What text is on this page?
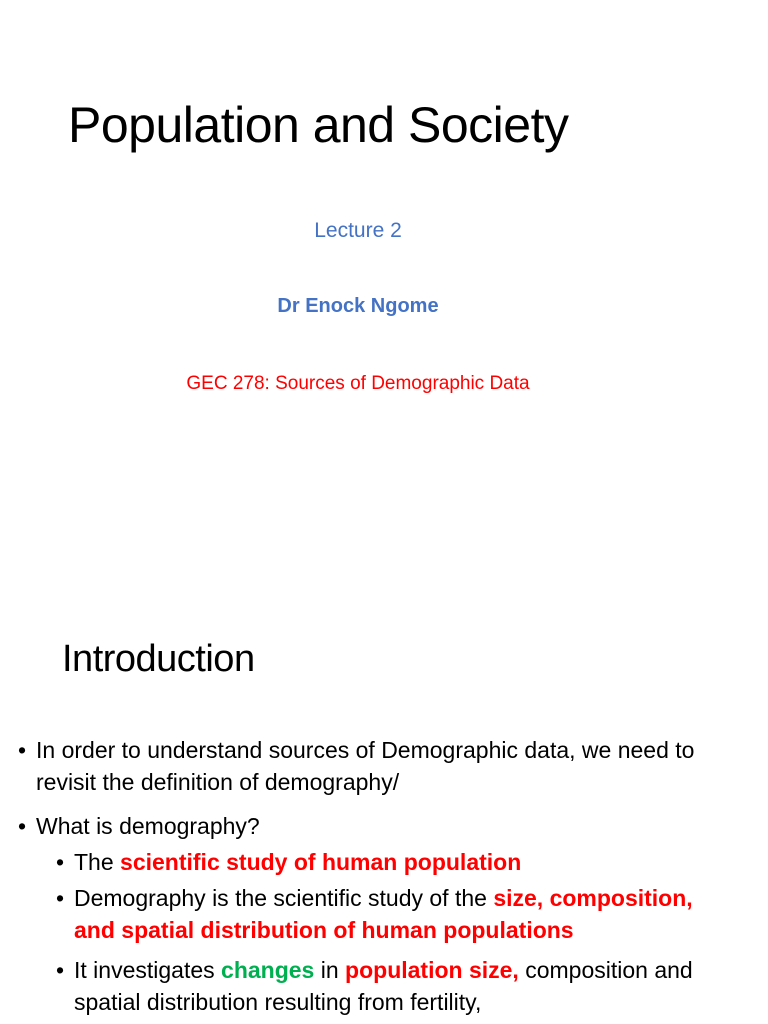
Population and Society
Lecture 2
Dr Enock Ngome
GEC 278: Sources of Demographic Data
Introduction
• In order to understand sources of Demographic data, we need to revisit the definition of demography/
• What is demography?
• The scientific study of human population
• Demography is the scientific study of the size, composition, and spatial distribution of human populations
• It investigates changes in population size, composition and spatial distribution resulting from fertility,
